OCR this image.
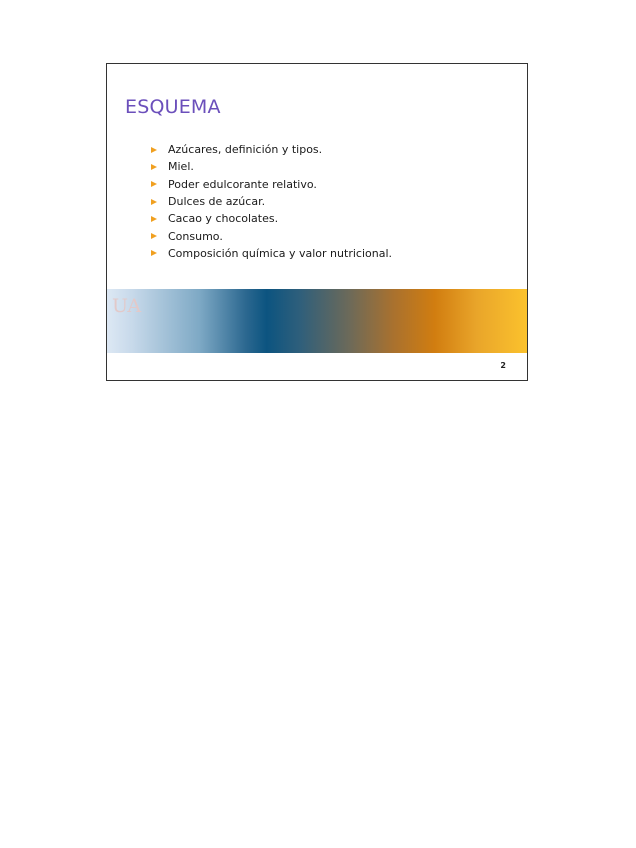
ESQUEMA
Azúcares, definición y tipos.
Miel.
Poder edulcorante relativo.
Dulces de azúcar.
Cacao y chocolates.
Consumo.
Composición química y valor nutricional.
UA
2
